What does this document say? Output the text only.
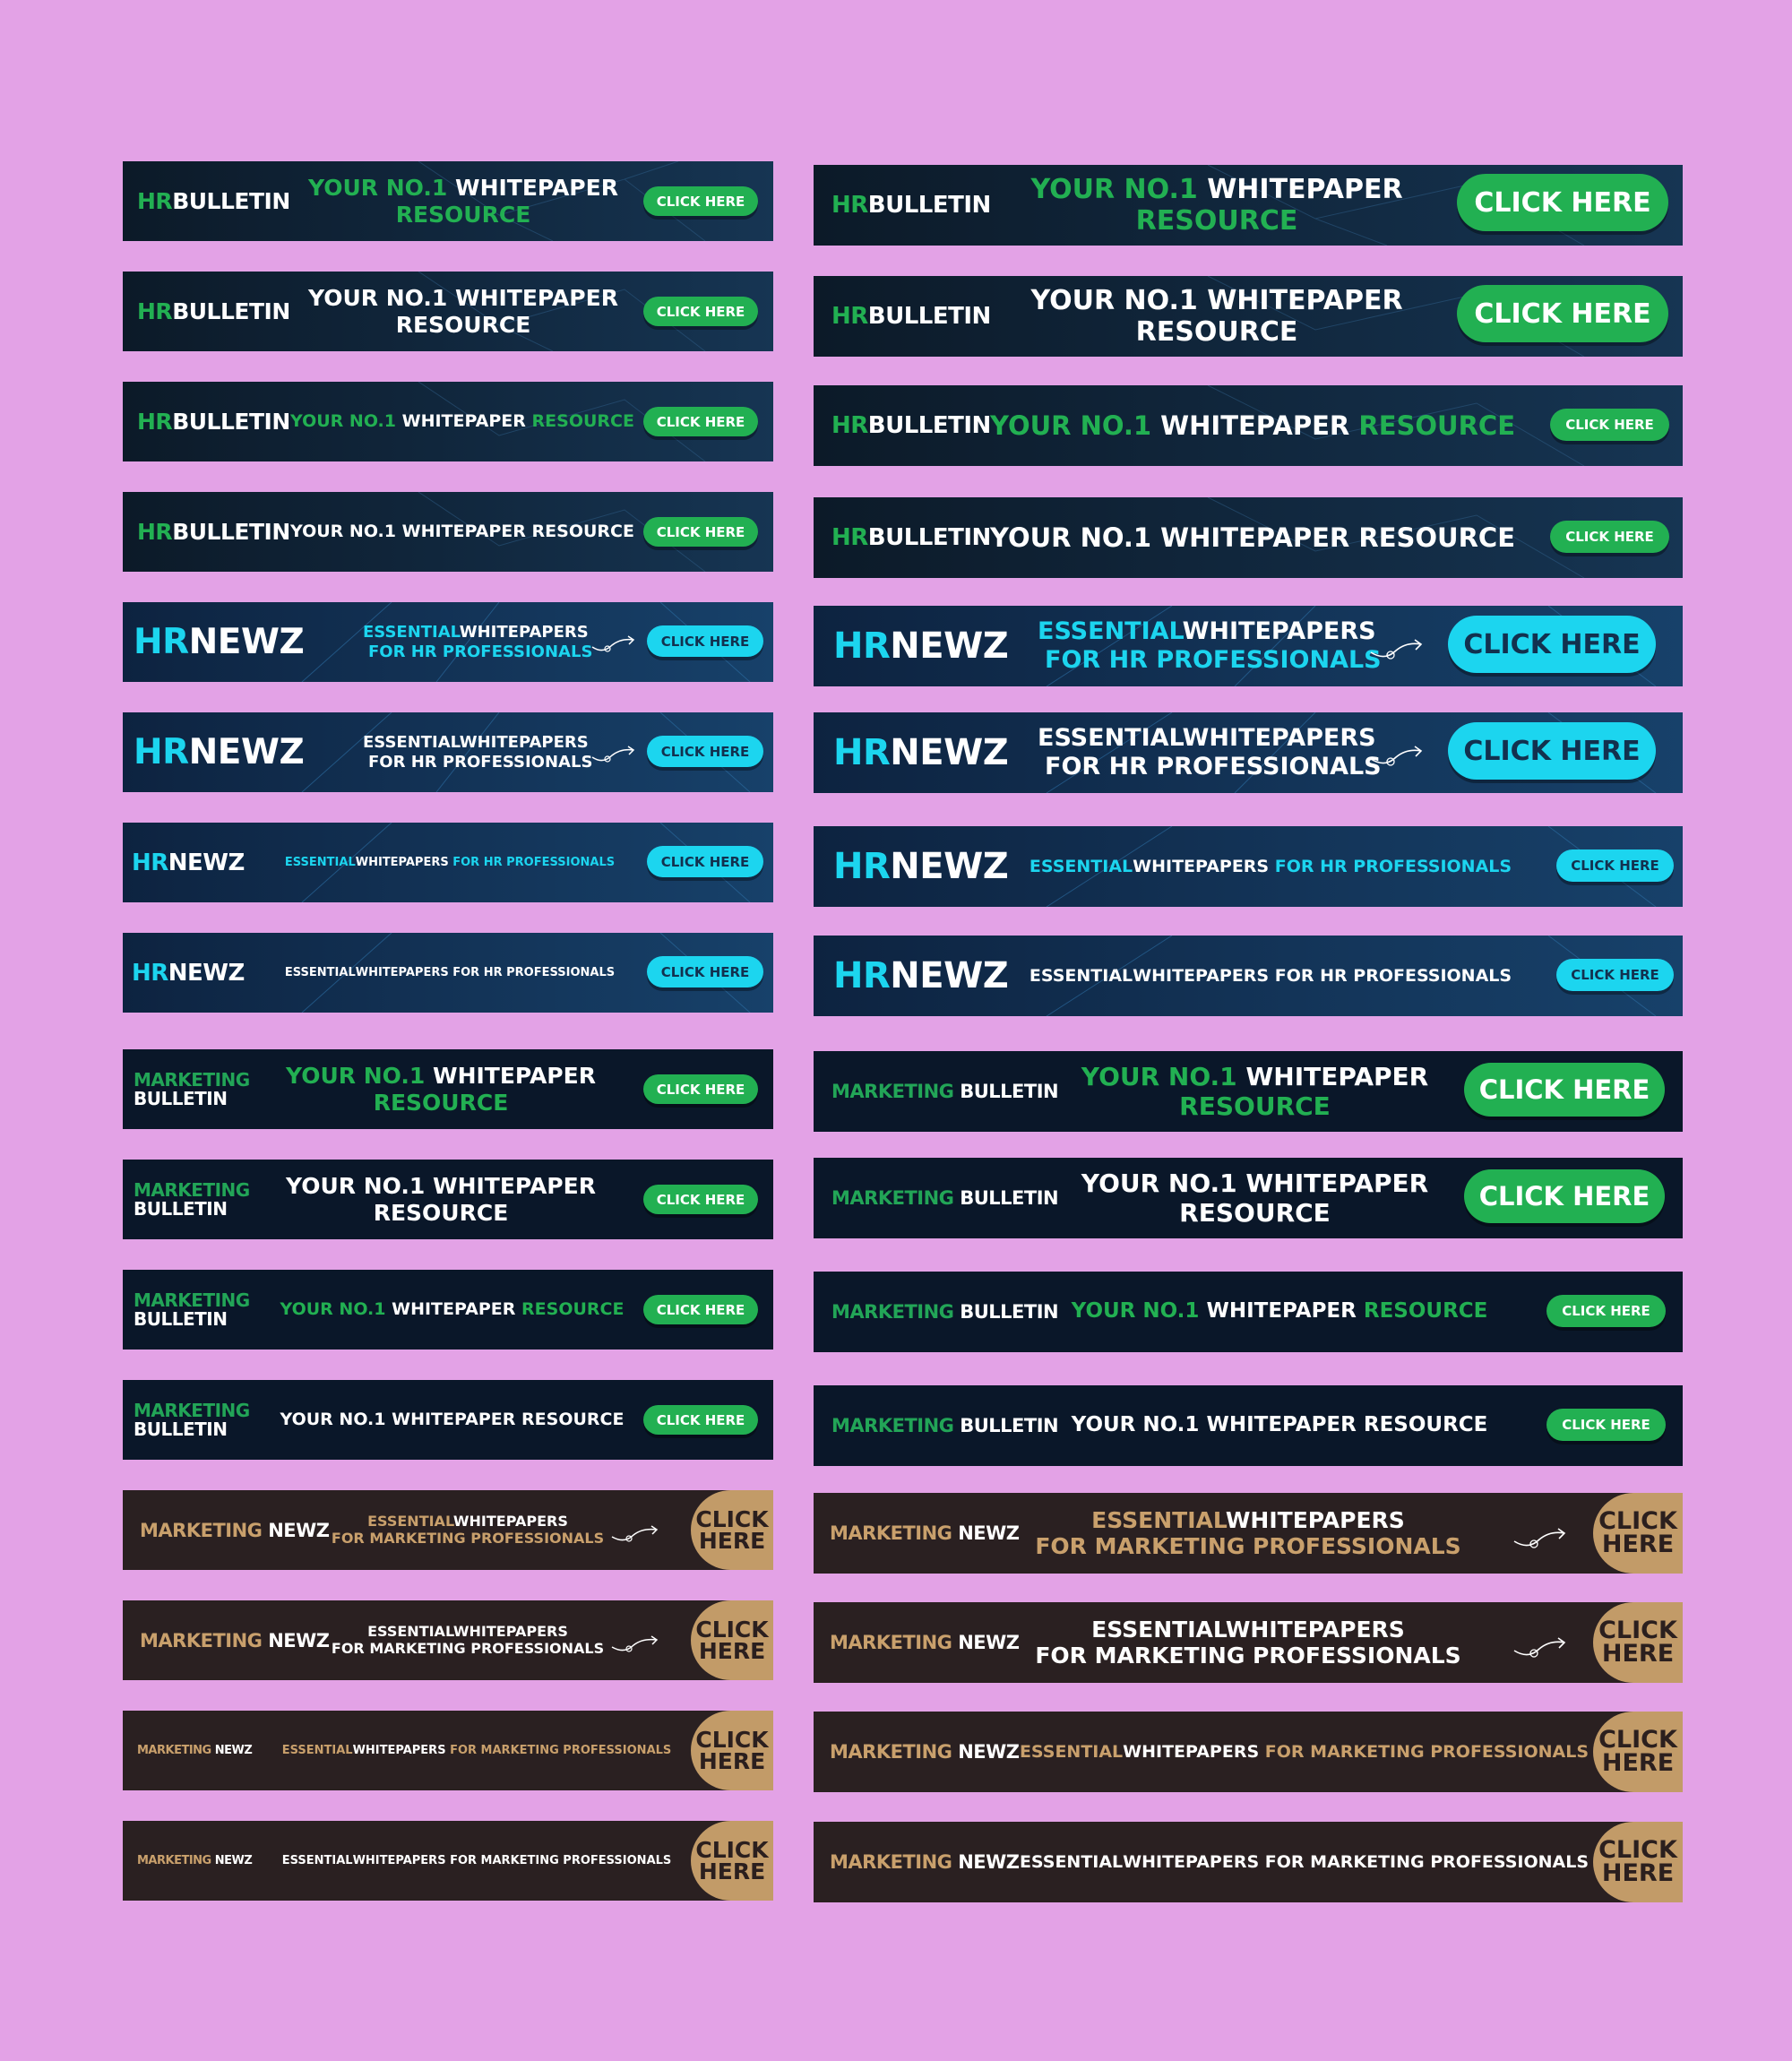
HR BULLETIN
YOUR NO.1 WHITEPAPER
RESOURCE	CLICK HERE
HR BULLETIN
YOUR NO.1 WHITEPAPER
RESOURCE	CLICK HERE
HR BULLETIN YOUR NO.1
WHITEPAPER
RESOURCE	CLICK HERE
HR BULLETIN YOUR NO.1
WHITEPAPER
RESOURCE	CLICK HERE
HR NEWZ	ESSENTIALWHITEPAPERS
FOR HR PROFESSIONALS
CLICK HERE
HR NEWZ	ESSENTIALWHITEPAPERS
FOR HR PROFESSIONALS
CLICK HERE
HR NEWZ	ESSENTIAL WHITEPAPERS
FOR HR PROFESSIONALS	CLICK HERE
HR NEWZ	ESSENTIAL WHITEPAPERS
FOR HR PROFESSIONALS	CLICK HERE
MARKETING
BULLETIN
YOUR NO.1 WHITEPAPER
RESOURCE	CLICK HERE
MARKETING
BULLETIN
YOUR NO.1 WHITEPAPER
RESOURCE	CLICK HERE
MARKETING
BULLETIN	YOUR NO.1
WHITEPAPER
RESOURCE	CLICK HERE
MARKETING
BULLETIN	YOUR NO.1
WHITEPAPER
RESOURCE	CLICK HERE
MARKETING
NEWZ	ESSENTIALWHITEPAPERS
FOR MARKETING PROFESSIONALS
CLICK
HERE
MARKETING
NEWZ	ESSENTIALWHITEPAPERS
FOR MARKETING PROFESSIONALS
CLICK
HERE
MARKETING
NEWZ	ESSENTIAL WHITEPAPERS
FOR MARKETING PROFESSIONALS CLICK
HERE
MARKETING
NEWZ	ESSENTIAL WHITEPAPERS
FOR MARKETING PROFESSIONALS CLICK
HERE
HR BULLETIN
YOUR NO.1 WHITEPAPER
RESOURCE
CLICK HERE
HR BULLETIN
YOUR NO.1 WHITEPAPER
RESOURCE
CLICK HERE
HR BULLETIN YOUR NO.1
WHITEPAPER
RESOURCE	CLICK HERE
HR BULLETIN YOUR NO.1
WHITEPAPER
RESOURCE	CLICK HERE
HR NEWZ ESSENTIALWHITEPAPERS
FOR HR PROFESSIONALS	CLICK HERE
HR NEWZ ESSENTIALWHITEPAPERS
FOR HR PROFESSIONALS	CLICK HERE
HR NEWZ ESSENTIAL WHITEPAPERS
FOR HR PROFESSIONALS	CLICK HERE
HR NEWZ ESSENTIAL WHITEPAPERS
FOR HR PROFESSIONALS	CLICK HERE
MARKETING
BULLETIN
YOUR NO.1 WHITEPAPER
RESOURCE
CLICK HERE
MARKETING
BULLETIN
YOUR NO.1 WHITEPAPER
RESOURCE
CLICK HERE
MARKETING
BULLETIN YOUR NO.1
WHITEPAPER
RESOURCE	CLICK HERE
MARKETING
BULLETIN YOUR NO.1
WHITEPAPER
RESOURCE	CLICK HERE
MARKETING
NEWZ
ESSENTIALWHITEPAPERS
FOR MARKETING PROFESSIONALS
CLICK
HERE
MARKETING
NEWZ
ESSENTIALWHITEPAPERS
FOR MARKETING PROFESSIONALS
CLICK
HERE
MARKETING
NEWZ ESSENTIAL WHITEPAPERS
FOR MARKETING PROFESSIONALS CLICK
HERE
MARKETING
NEWZ ESSENTIAL WHITEPAPERS
FOR MARKETING PROFESSIONALS CLICK
HERE
